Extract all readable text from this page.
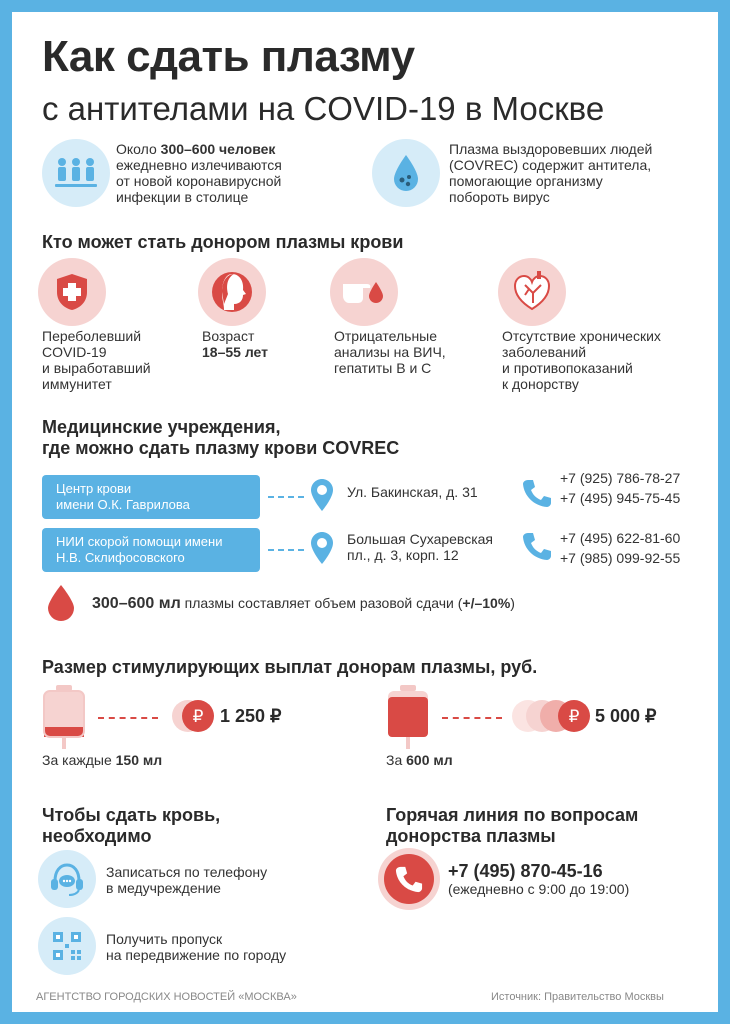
Как сдать плазму
с антителами на COVID-19 в Москве
Около 300–600 человек
ежедневно излечиваются
от новой коронавирусной
инфекции в столице
Плазма выздоровевших людей
(COVREC) содержит антитела,
помогающие организму
побороть вирус
Кто может стать донором плазмы крови
Переболевший
COVID-19
и выработавший
иммунитет
Возраст
18–55 лет
Отрицательные
анализы на ВИЧ,
гепатиты В и С
Отсутствие хронических
заболеваний
и противопоказаний
к донорству
Медицинские учреждения,
где можно сдать плазму крови COVREC
Центр крови
имени О.К. Гаврилова
Ул. Бакинская, д. 31
+7 (925) 786-78-27
+7 (495) 945-75-45
НИИ скорой помощи имени
Н.В. Склифосовского
Большая Сухаревская
пл., д. 3, корп. 12
+7 (495) 622-81-60
+7 (985) 099-92-55
300–600 мл плазмы составляет объем разовой сдачи (+/–10%)
Размер стимулирующих выплат донорам плазмы, руб.
₽ 1 250 ₽
За каждые 150 мл
₽ 5 000 ₽
За 600 мл
Чтобы сдать кровь,
необходимо
Записаться по телефону
в медучреждение
Получить пропуск
на передвижение по городу
Горячая линия по вопросам
донорства плазмы
+7 (495) 870-45-16
(ежедневно с 9:00 до 19:00)
АГЕНТСТВО ГОРОДСКИХ НОВОСТЕЙ «МОСКВА»	Источник: Правительство Москвы
